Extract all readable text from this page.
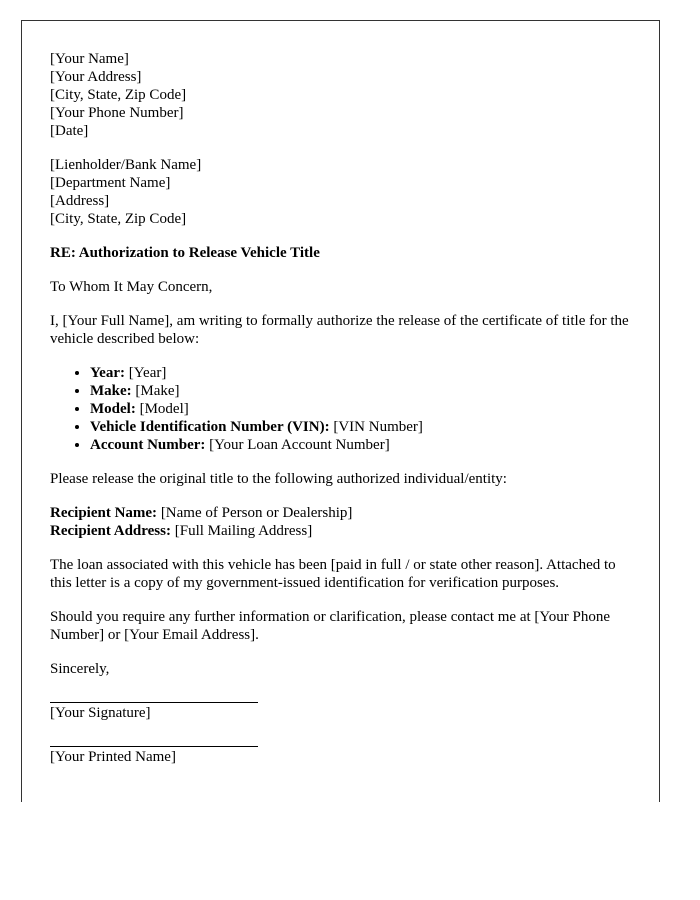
[Your Name]
[Your Address]
[City, State, Zip Code]
[Your Phone Number]
[Date]
[Lienholder/Bank Name]
[Department Name]
[Address]
[City, State, Zip Code]

RE: Authorization to Release Vehicle Title

To Whom It May Concern,

I, [Your Full Name], am writing to formally authorize the release of the certificate of title for the vehicle described below:

• Year: [Year]
• Make: [Make]
• Model: [Model]
• Vehicle Identification Number (VIN): [VIN Number]
• Account Number: [Your Loan Account Number]

Please release the original title to the following authorized individual/entity:

Recipient Name: [Name of Person or Dealership]
Recipient Address: [Full Mailing Address]

The loan associated with this vehicle has been [paid in full / or state other reason]. Attached to this letter is a copy of my government-issued identification for verification purposes.

Should you require any further information or clarification, please contact me at [Your Phone Number] or [Your Email Address].

Sincerely,

[Your Signature]
[Your Printed Name]
